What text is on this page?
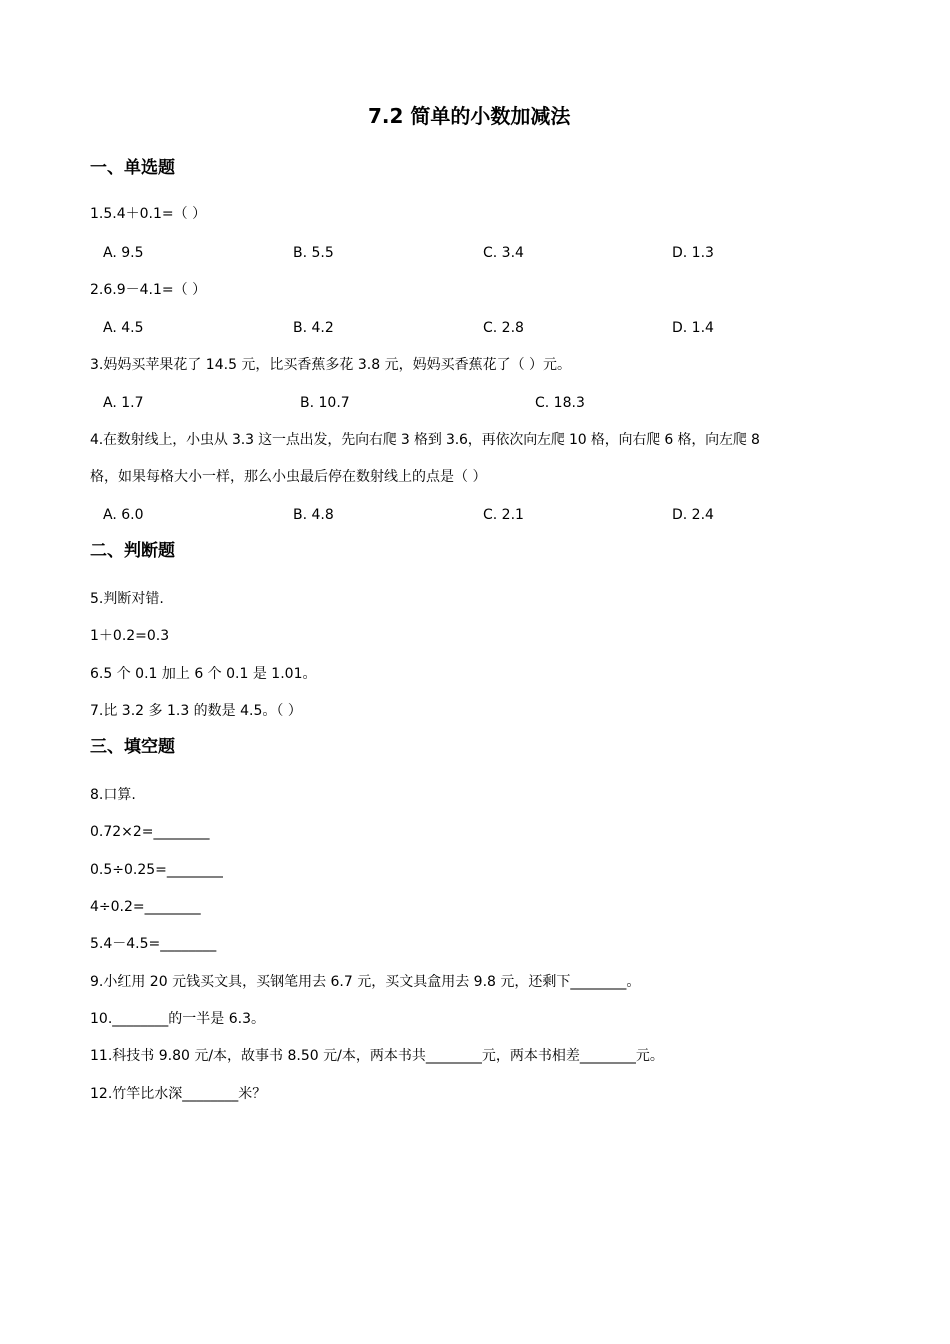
7.2 简单的小数加减法
一、单选题
1.5.4＋0.1=（ ）
A. 9.5	B. 5.5	C. 3.4	D. 1.3
2.6.9－4.1=（ ）
A. 4.5	B. 4.2	C. 2.8	D. 1.4
3.妈妈买苹果花了 14.5 元，比买香蕉多花 3.8 元，妈妈买香蕉花了（ ）元。
A. 1.7	B. 10.7	C. 18.3
4.在数射线上，小虫从 3.3 这一点出发，先向右爬 3 格到 3.6，再依次向左爬 10 格，向右爬 6 格，向左爬 8
格，如果每格大小一样，那么小虫最后停在数射线上的点是（ ）
A. 6.0	B. 4.8	C. 2.1	D. 2.4
二、判断题
5.判断对错.
1＋0.2=0.3
6.5 个 0.1 加上 6 个 0.1 是 1.01。
7.比 3.2 多 1.3 的数是 4.5。（ ）
三、填空题
8.口算.
0.72×2=________
0.5÷0.25=________
4÷0.2=________
5.4－4.5=________
9.小红用 20 元钱买文具，买钢笔用去 6.7 元，买文具盒用去 9.8 元，还剩下________。
10.________的一半是 6.3。
11.科技书 9.80 元/本，故事书 8.50 元/本，两本书共________元，两本书相差________元。
12.竹竿比水深________米？
